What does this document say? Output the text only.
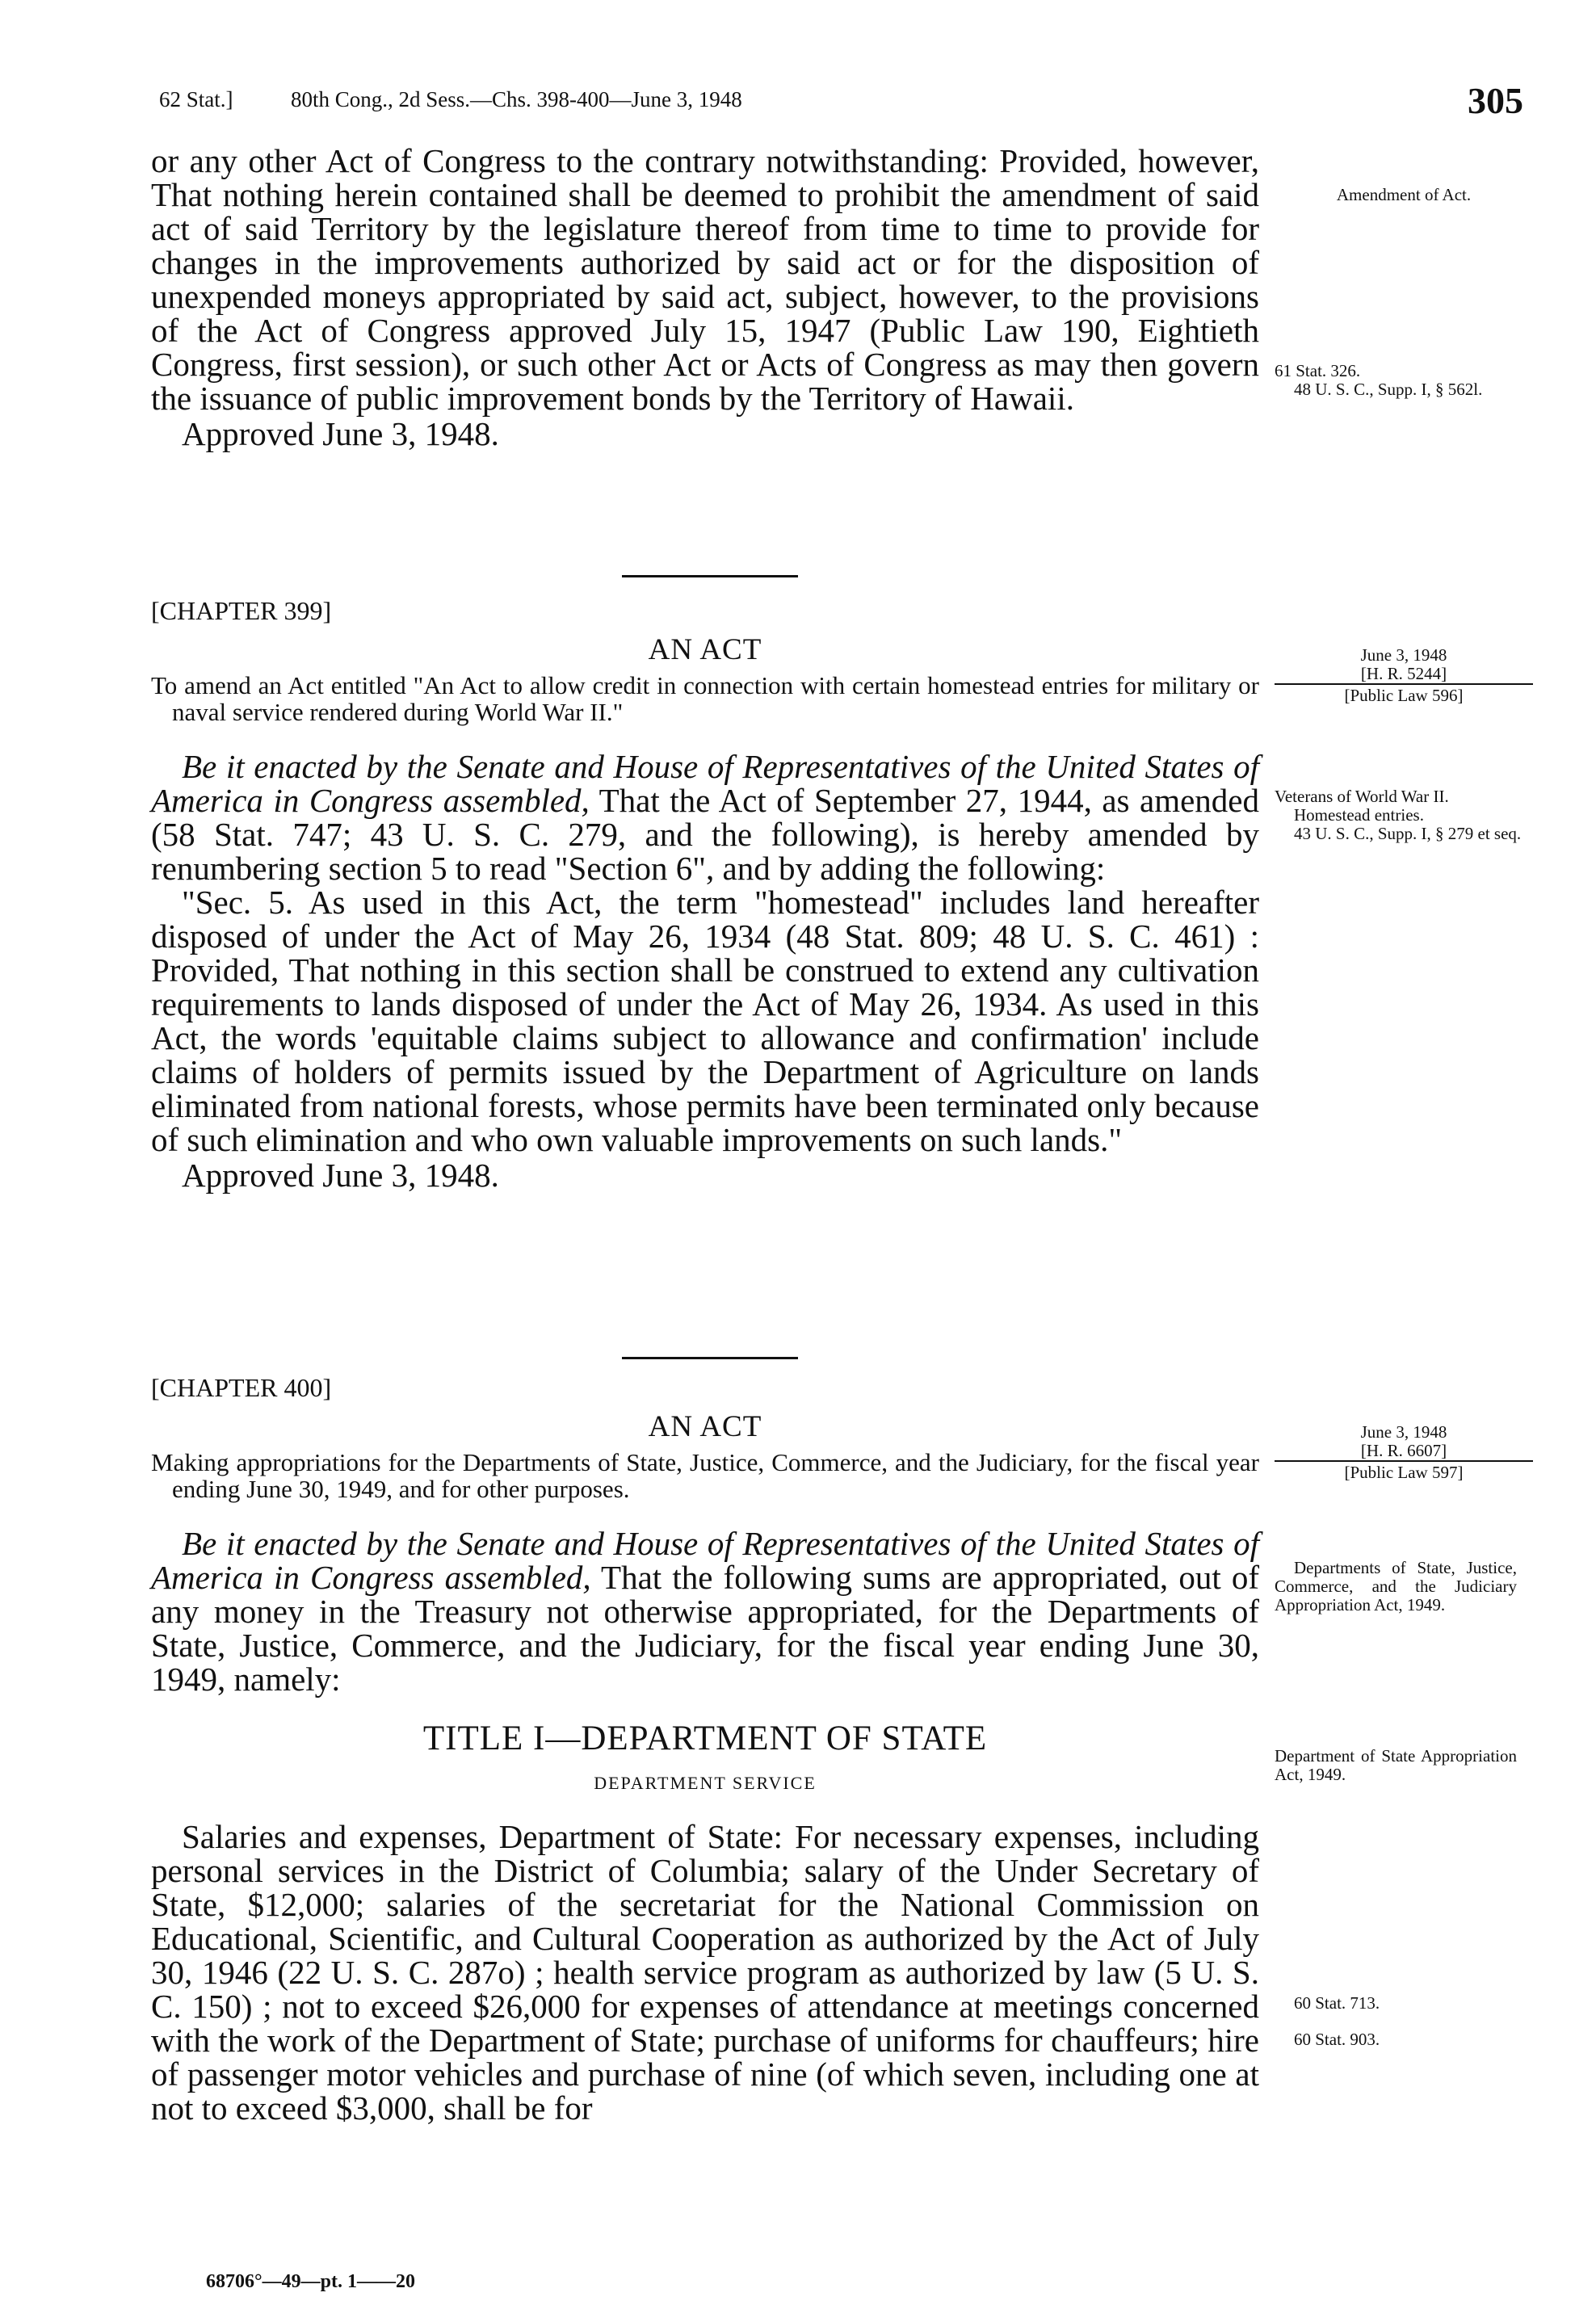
62 Stat.]	80th Cong., 2d Sess.—Chs. 398-400—June 3, 1948	305

or any other Act of Congress to the contrary notwithstanding: Provided, however, That nothing herein contained shall be deemed to prohibit the amendment of said act of said Territory by the legislature thereof from time to time to provide for changes in the improvements authorized by said act or for the disposition of unexpended moneys appropriated by said act, subject, however, to the provisions of the Act of Congress approved July 15, 1947 (Public Law 190, Eightieth Congress, first session), or such other Act or Acts of Congress as may then govern the issuance of public improvement bonds by the Territory of Hawaii.

Approved June 3, 1948.

[CHAPTER 399]

AN ACT

To amend an Act entitled "An Act to allow credit in connection with certain homestead entries for military or naval service rendered during World War II."

Be it enacted by the Senate and House of Representatives of the United States of America in Congress assembled, That the Act of September 27, 1944, as amended (58 Stat. 747; 43 U. S. C. 279, and the following), is hereby amended by renumbering section 5 to read "Section 6", and by adding the following:

"Sec. 5. As used in this Act, the term "homestead" includes land hereafter disposed of under the Act of May 26, 1934 (48 Stat. 809; 48 U. S. C. 461) : Provided, That nothing in this section shall be construed to extend any cultivation requirements to lands disposed of under the Act of May 26, 1934. As used in this Act, the words 'equitable claims subject to allowance and confirmation' include claims of holders of permits issued by the Department of Agriculture on lands eliminated from national forests, whose permits have been terminated only because of such elimination and who own valuable improvements on such lands."

Approved June 3, 1948.

[CHAPTER 400]

AN ACT

Making appropriations for the Departments of State, Justice, Commerce, and the Judiciary, for the fiscal year ending June 30, 1949, and for other purposes.

Be it enacted by the Senate and House of Representatives of the United States of America in Congress assembled, That the following sums are appropriated, out of any money in the Treasury not otherwise appropriated, for the Departments of State, Justice, Commerce, and the Judiciary, for the fiscal year ending June 30, 1949, namely:

TITLE I—DEPARTMENT OF STATE

DEPARTMENT SERVICE

Salaries and expenses, Department of State: For necessary expenses, including personal services in the District of Columbia; salary of the Under Secretary of State, $12,000; salaries of the secretariat for the National Commission on Educational, Scientific, and Cultural Cooperation as authorized by the Act of July 30, 1946 (22 U. S. C. 287o) ; health service program as authorized by law (5 U. S. C. 150) ; not to exceed $26,000 for expenses of attendance at meetings concerned with the work of the Department of State; purchase of uniforms for chauffeurs; hire of passenger motor vehicles and purchase of nine (of which seven, including one at not to exceed $3,000, shall be for

68706°—49—pt. 1——20

Amendment of Act.

61 Stat. 326.

48 U. S. C., Supp. I, § 562l.

June 3, 1948

[H. R. 5244]

[Public Law 596]

Veterans of World War II.

Homestead entries.

43 U. S. C., Supp. I, § 279 et seq.

June 3, 1948

[H. R. 6607]

[Public Law 597]

Departments of State, Justice, Commerce, and the Judiciary Appropriation Act, 1949.

Department of State Appropriation Act, 1949.

60 Stat. 713.

60 Stat. 903.
